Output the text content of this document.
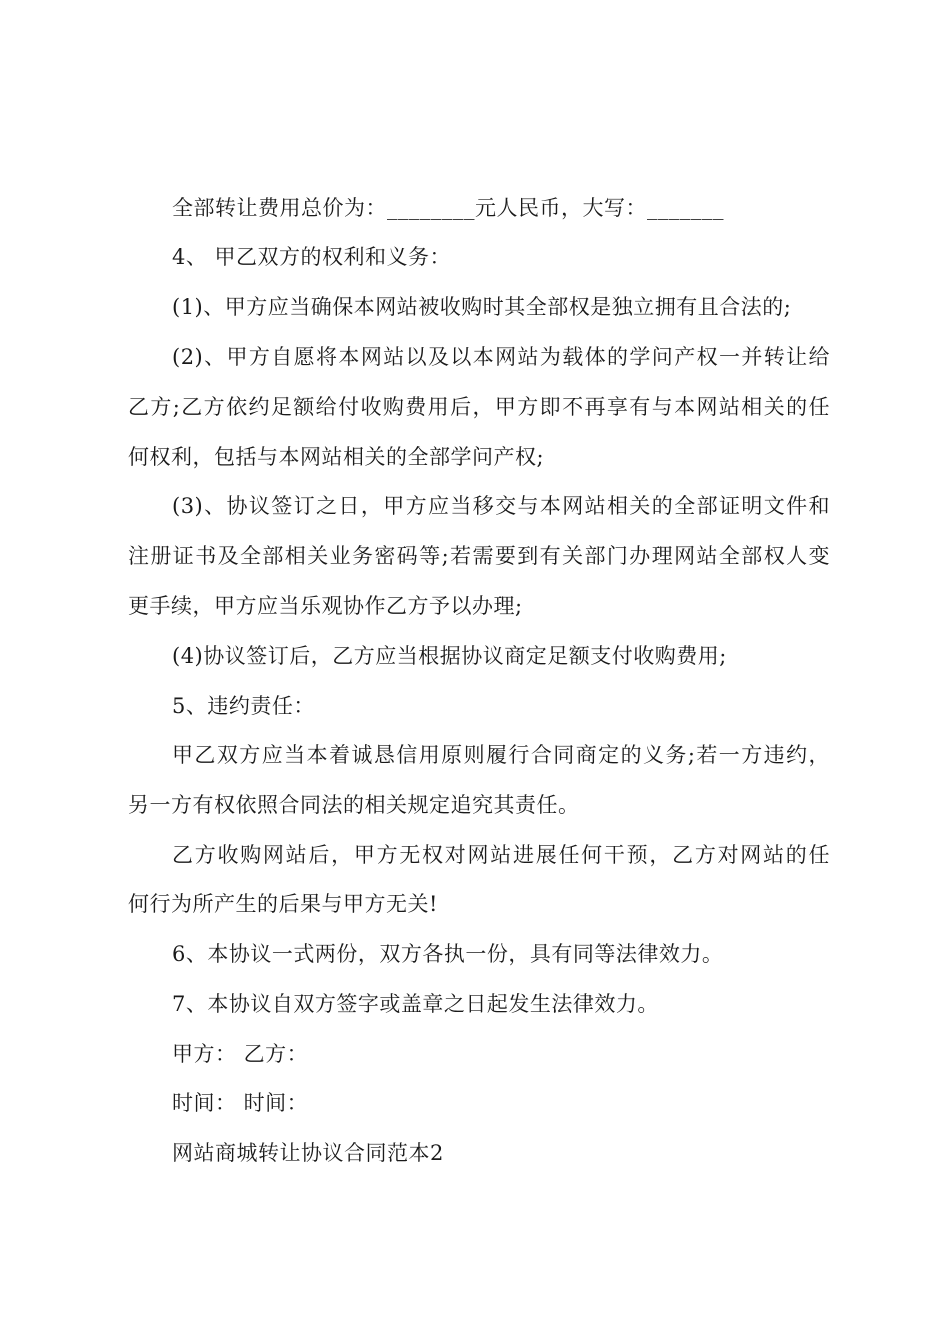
全部转让费用总价为：________元人民币，大写：_______
4、 甲乙双方的权利和义务：
(1)、甲方应当确保本网站被收购时其全部权是独立拥有且合法的;
(2)、甲方自愿将本网站以及以本网站为载体的学问产权一并转让给
乙方;乙方依约足额给付收购费用后，甲方即不再享有与本网站相关的任
何权利，包括与本网站相关的全部学问产权;
(3)、协议签订之日，甲方应当移交与本网站相关的全部证明文件和
注册证书及全部相关业务密码等;若需要到有关部门办理网站全部权人变
更手续，甲方应当乐观协作乙方予以办理;
(4)协议签订后，乙方应当根据协议商定足额支付收购费用;
5、违约责任：
甲乙双方应当本着诚恳信用原则履行合同商定的义务;若一方违约，
另一方有权依照合同法的相关规定追究其责任。
乙方收购网站后，甲方无权对网站进展任何干预，乙方对网站的任
何行为所产生的后果与甲方无关!
6、本协议一式两份，双方各执一份，具有同等法律效力。
7、本协议自双方签字或盖章之日起发生法律效力。
甲方： 乙方：
时间： 时间：
网站商城转让协议合同范本2
